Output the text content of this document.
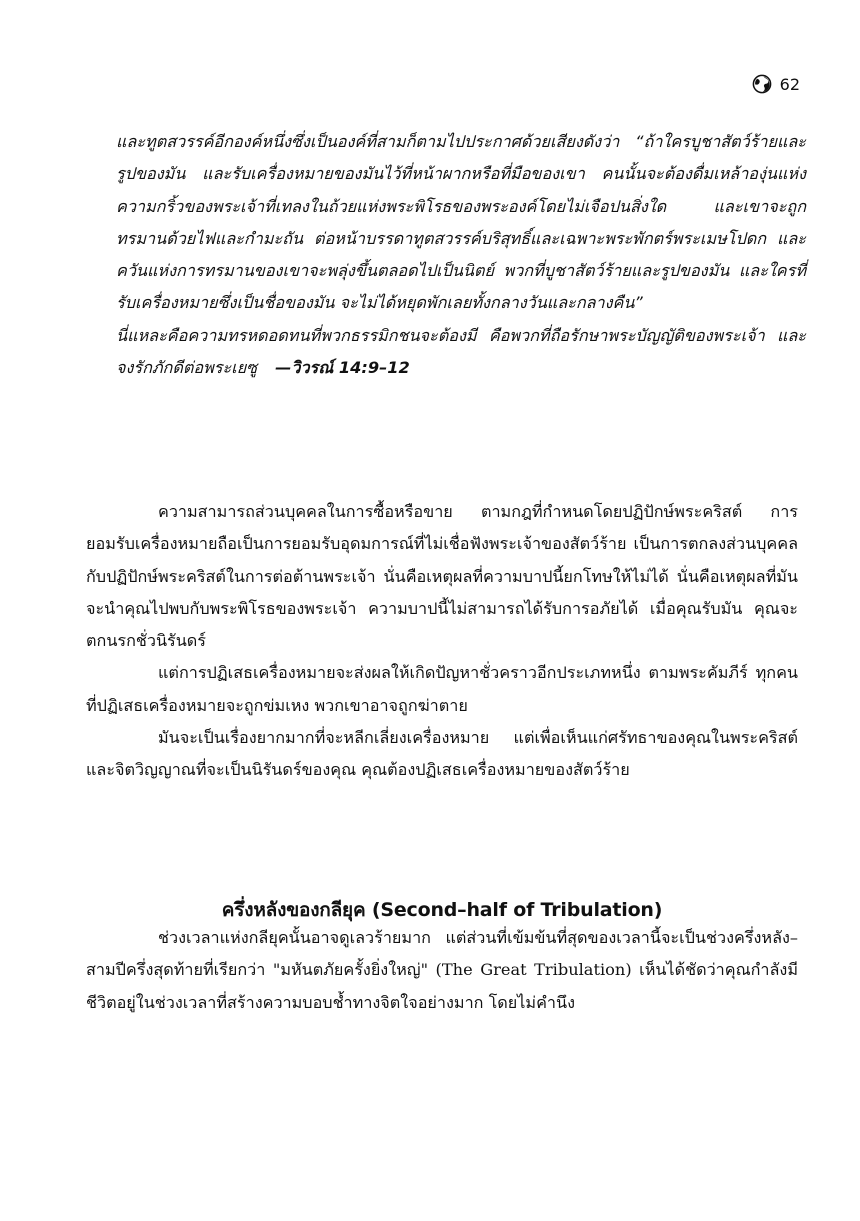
62

และทูตสวรรค์อีกองค์หนึ่งซึ่งเป็นองค์ที่สามก็ตามไปประกาศด้วยเสียงดังว่า “ถ้าใครบูชาสัตว์ร้ายและรูปของมัน และรับเครื่องหมายของมันไว้ที่หน้าผากหรือที่มือของเขา คนนั้นจะต้องดื่มเหล้าองุ่นแห่งความกริ้วของพระเจ้าที่เทลงในถ้วยแห่งพระพิโรธของพระองค์โดยไม่เจือปนสิ่งใด และเขาจะถูกทรมานด้วยไฟและกำมะถัน ต่อหน้าบรรดาทูตสวรรค์บริสุทธิ์และเฉพาะพระพักตร์พระเมษโปดก และควันแห่งการทรมานของเขาจะพลุ่งขึ้นตลอดไปเป็นนิตย์ พวกที่บูชาสัตว์ร้ายและรูปของมัน และใครที่รับเครื่องหมายซึ่งเป็นชื่อของมัน จะไม่ได้หยุดพักเลยทั้งกลางวันและกลางคืน”

นี่แหละคือความทรหดอดทนที่พวกธรรมิกชนจะต้องมี คือพวกที่ถือรักษาพระบัญญัติของพระเจ้า และจงรักภักดีต่อพระเยซู —วิวรณ์ 14:9–12

ความสามารถส่วนบุคคลในการซื้อหรือขาย ตามกฎที่กำหนดโดยปฏิปักษ์พระคริสต์ การยอมรับเครื่องหมายถือเป็นการยอมรับอุดมการณ์ที่ไม่เชื่อฟังพระเจ้าของสัตว์ร้าย เป็นการตกลงส่วนบุคคลกับปฏิปักษ์พระคริสต์ในการต่อต้านพระเจ้า นั่นคือเหตุผลที่ความบาปนี้ยกโทษให้ไม่ได้ นั่นคือเหตุผลที่มันจะนำคุณไปพบกับพระพิโรธของพระเจ้า ความบาปนี้ไม่สามารถได้รับการอภัยได้ เมื่อคุณรับมัน คุณจะตกนรกชั่วนิรันดร์

แต่การปฏิเสธเครื่องหมายจะส่งผลให้เกิดปัญหาชั่วคราวอีกประเภทหนึ่ง ตามพระคัมภีร์ ทุกคนที่ปฏิเสธเครื่องหมายจะถูกข่มเหง พวกเขาอาจถูกฆ่าตาย

มันจะเป็นเรื่องยากมากที่จะหลีกเลี่ยงเครื่องหมาย แต่เพื่อเห็นแก่ศรัทธาของคุณในพระคริสต์และจิตวิญญาณที่จะเป็นนิรันดร์ของคุณ คุณต้องปฏิเสธเครื่องหมายของสัตว์ร้าย

ครึ่งหลังของกลียุค (Second–half of Tribulation)

ช่วงเวลาแห่งกลียุคนั้นอาจดูเลวร้ายมาก แต่ส่วนที่เข้มข้นที่สุดของเวลานี้จะเป็นช่วงครึ่งหลัง–สามปีครึ่งสุดท้ายที่เรียกว่า "มหันตภัยครั้งยิ่งใหญ่" (The Great Tribulation) เห็นได้ชัดว่าคุณกำลังมีชีวิตอยู่ในช่วงเวลาที่สร้างความบอบช้ำทางจิตใจอย่างมาก โดยไม่คำนึง
